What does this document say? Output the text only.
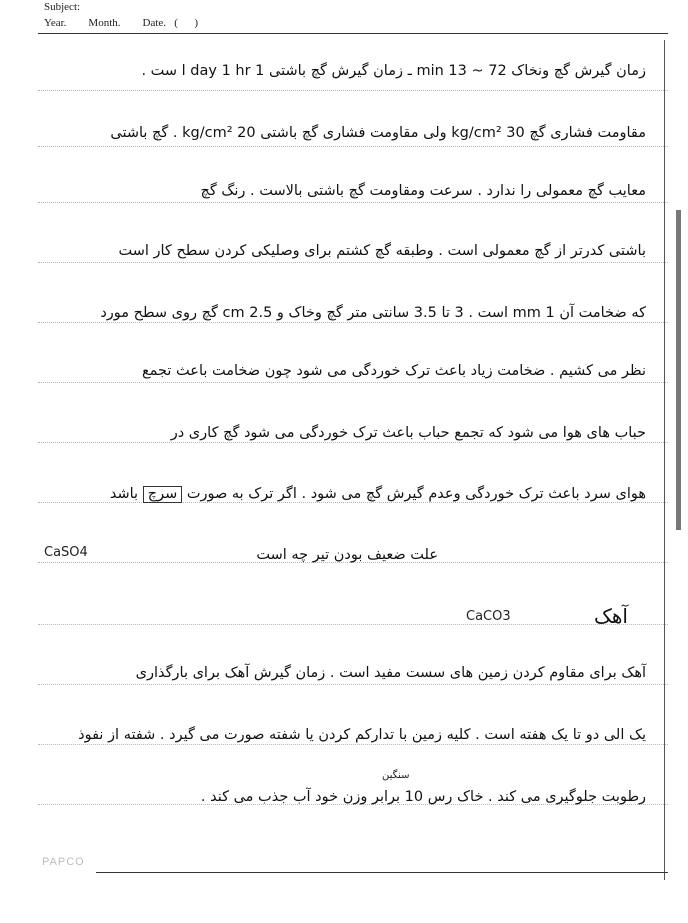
Subject:
Year.        Month.        Date.   (      )
زمان گیرش گچ ونخاک 72 ~ 13 min ـ زمان گیرش گچ باشتی 1 day 1 hr ا ست .
مقاومت فشاری گچ 30 kg/cm² ولی مقاومت فشاری گچ باشتی 20 kg/cm² . گچ باشتی
معایب گچ معمولی را ندارد . سرعت ومقاومت گچ باشتی بالاست . رنگ گچ
باشتی کدرتر از گچ معمولی است . وطبقه گچ کشتم برای وصلیکی کردن سطح کار است
که ضخامت آن 1 mm است . 3 تا 3.5 سانتی متر گچ وخاک و 2.5 cm گچ روی سطح مورد
نظر می کشیم . ضخامت زیاد باعث ترک خوردگی می شود چون ضخامت باعث تجمع
حباب های هوا می شود که تجمع حباب باعث ترک خوردگی می شود گچ کاری در
هوای سرد باعث ترک خوردگی وعدم گیرش گچ می شود . اگر ترک به صورت سرچ باشد
CaSO4	علت ضعیف بودن تیر چه است
CaCO3	آهک
آهک برای مقاوم کردن زمین های سست مفید است . زمان گیرش آهک برای بارگذاری
یک الی دو تا یک هفته است . کلیه زمین با تدارکم کردن یا شفته صورت می گیرد . شفته از نفوذ
سنگین
رطوبت جلوگیری می کند . خاک رس 10 برابر وزن خود آب جذب می کند .
PAPCO
